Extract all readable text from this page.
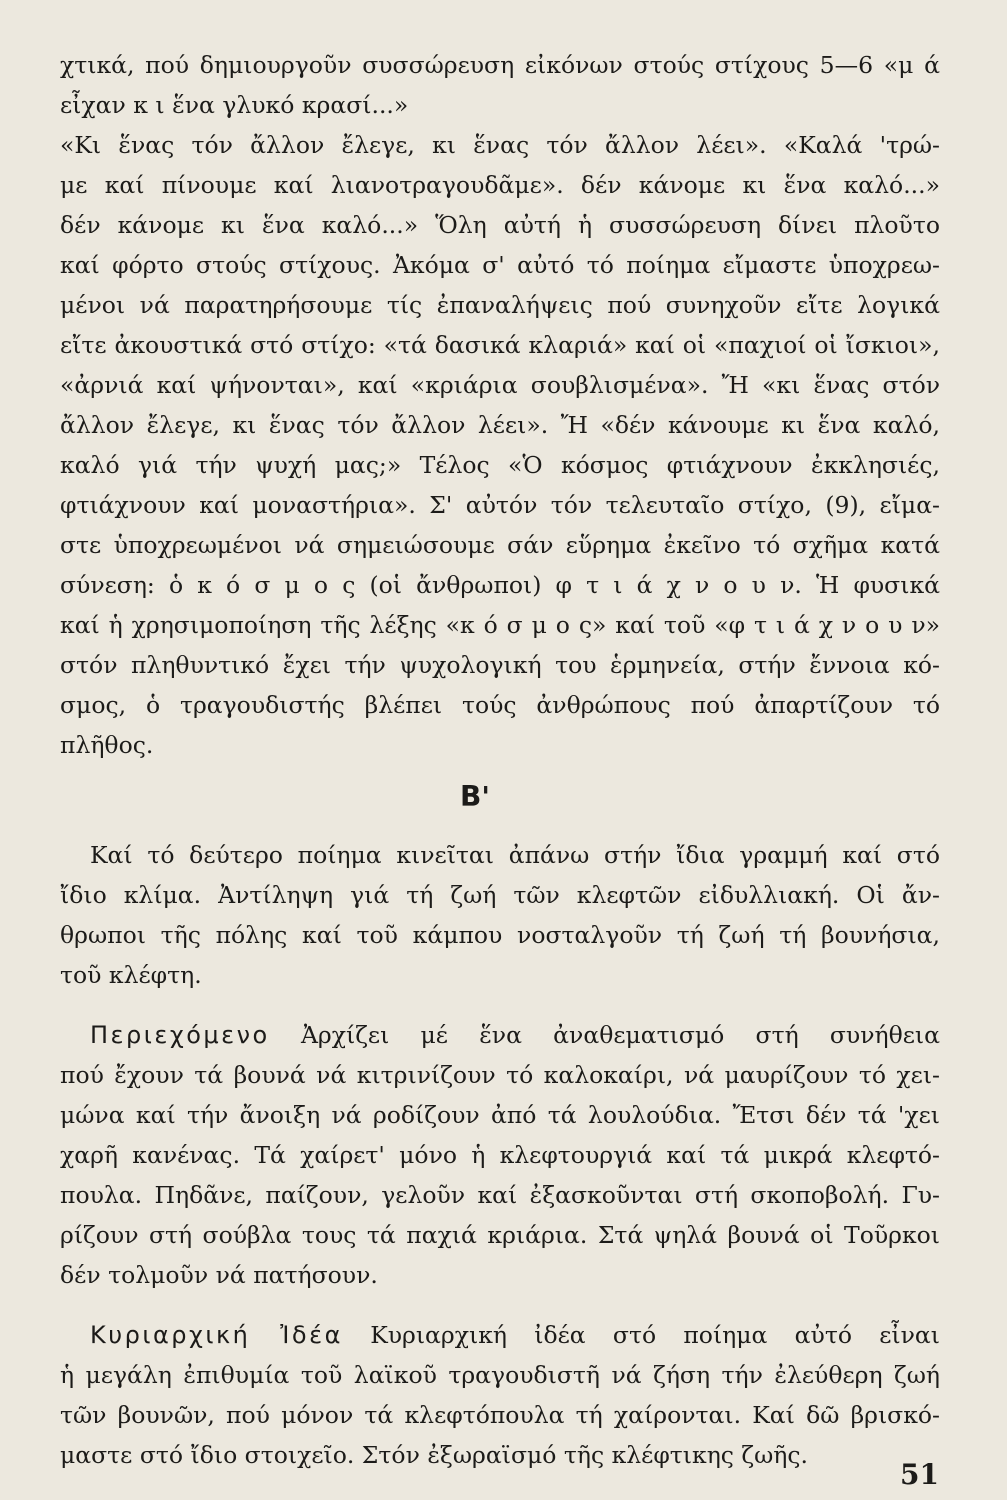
χτικά, πού δημιουργοῦν συσσώρευση εἰκόνων στούς στίχους 5—6 «μ ά
εἶχαν κ ι ἕνα γλυκό κρασί...»
«Κι ἕνας τόν ἄλλον ἔλεγε, κι ἕνας τόν ἄλλον λέει». «Καλά 'τρώ-
με καί πίνουμε καί λιανοτραγουδᾶμε». δέν κάνομε κι ἕνα καλό...»
δέν κάνομε κι ἕνα καλό...» Ὅλη αὐτή ἡ συσσώρευση δίνει πλοῦτο
καί φόρτο στούς στίχους. Ἀκόμα σ' αὐτό τό ποίημα εἴμαστε ὑποχρεω-
μένοι νά παρατηρήσουμε τίς ἐπαναλήψεις πού συνηχοῦν εἴτε λογικά
εἴτε ἀκουστικά στό στίχο: «τά δασικά κλαριά» καί οἱ «παχιοί οἱ ἴσκιοι»,
«ἀρνιά καί ψήνονται», καί «κριάρια σουβλισμένα». Ἤ «κι ἕνας στόν
ἄλλον ἔλεγε, κι ἕνας τόν ἄλλον λέει». Ἤ «δέν κάνουμε κι ἕνα καλό,
καλό γιά τήν ψυχή μας;» Τέλος «Ὁ κόσμος φτιάχνουν ἐκκλησιές,
φτιάχνουν καί μοναστήρια». Σ' αὐτόν τόν τελευταῖο στίχο, (9), εἴμα-
στε ὑποχρεωμένοι νά σημειώσουμε σάν εὕρημα ἐκεῖνο τό σχῆμα κατά
σύνεση: ὁ κ ό σ μ ο ς (οἱ ἄνθρωποι) φ τ ι ά χ ν ο υ ν. Ἡ φυσικά
καί ἡ χρησιμοποίηση τῆς λέξης «κ ό σ μ ο ς» καί τοῦ «φ τ ι ά χ ν ο υ ν»
στόν πληθυντικό ἔχει τήν ψυχολογική του ἑρμηνεία, στήν ἔννοια κό-
σμος, ὁ τραγουδιστής βλέπει τούς ἀνθρώπους πού ἀπαρτίζουν τό
πλῆθος.
Β'
Καί τό δεύτερο ποίημα κινεῖται ἀπάνω στήν ἴδια γραμμή καί στό
ἴδιο κλίμα. Ἀντίληψη γιά τή ζωή τῶν κλεφτῶν εἰδυλλιακή. Οἱ ἄν-
θρωποι τῆς πόλης καί τοῦ κάμπου νοσταλγοῦν τή ζωή τή βουνήσια,
τοῦ κλέφτη.
Περιεχόμενο Ἀρχίζει μέ ἕνα ἀναθεματισμό στή συνήθεια
πού ἔχουν τά βουνά νά κιτρινίζουν τό καλοκαίρι, νά μαυρίζουν τό χει-
μώνα καί τήν ἄνοιξη νά ροδίζουν ἀπό τά λουλούδια. Ἔτσι δέν τά 'χει
χαρῆ κανένας. Τά χαίρετ' μόνο ἡ κλεφτουργιά καί τά μικρά κλεφτό-
πουλα. Πηδᾶνε, παίζουν, γελοῦν καί ἐξασκοῦνται στή σκοποβολή. Γυ-
ρίζουν στή σούβλα τους τά παχιά κριάρια. Στά ψηλά βουνά οἱ Τοῦρκοι
δέν τολμοῦν νά πατήσουν.
Κυριαρχική Ἰδέα Κυριαρχική ἰδέα στό ποίημα αὐτό εἶναι
ἡ μεγάλη ἐπιθυμία τοῦ λαϊκοῦ τραγουδιστῆ νά ζήση τήν ἐλεύθερη ζωή
τῶν βουνῶν, πού μόνον τά κλεφτόπουλα τή χαίρονται. Καί δῶ βρισκό-
μαστε στό ἴδιο στοιχεῖο. Στόν ἐξωραϊσμό τῆς κλέφτικης ζωῆς.
51
